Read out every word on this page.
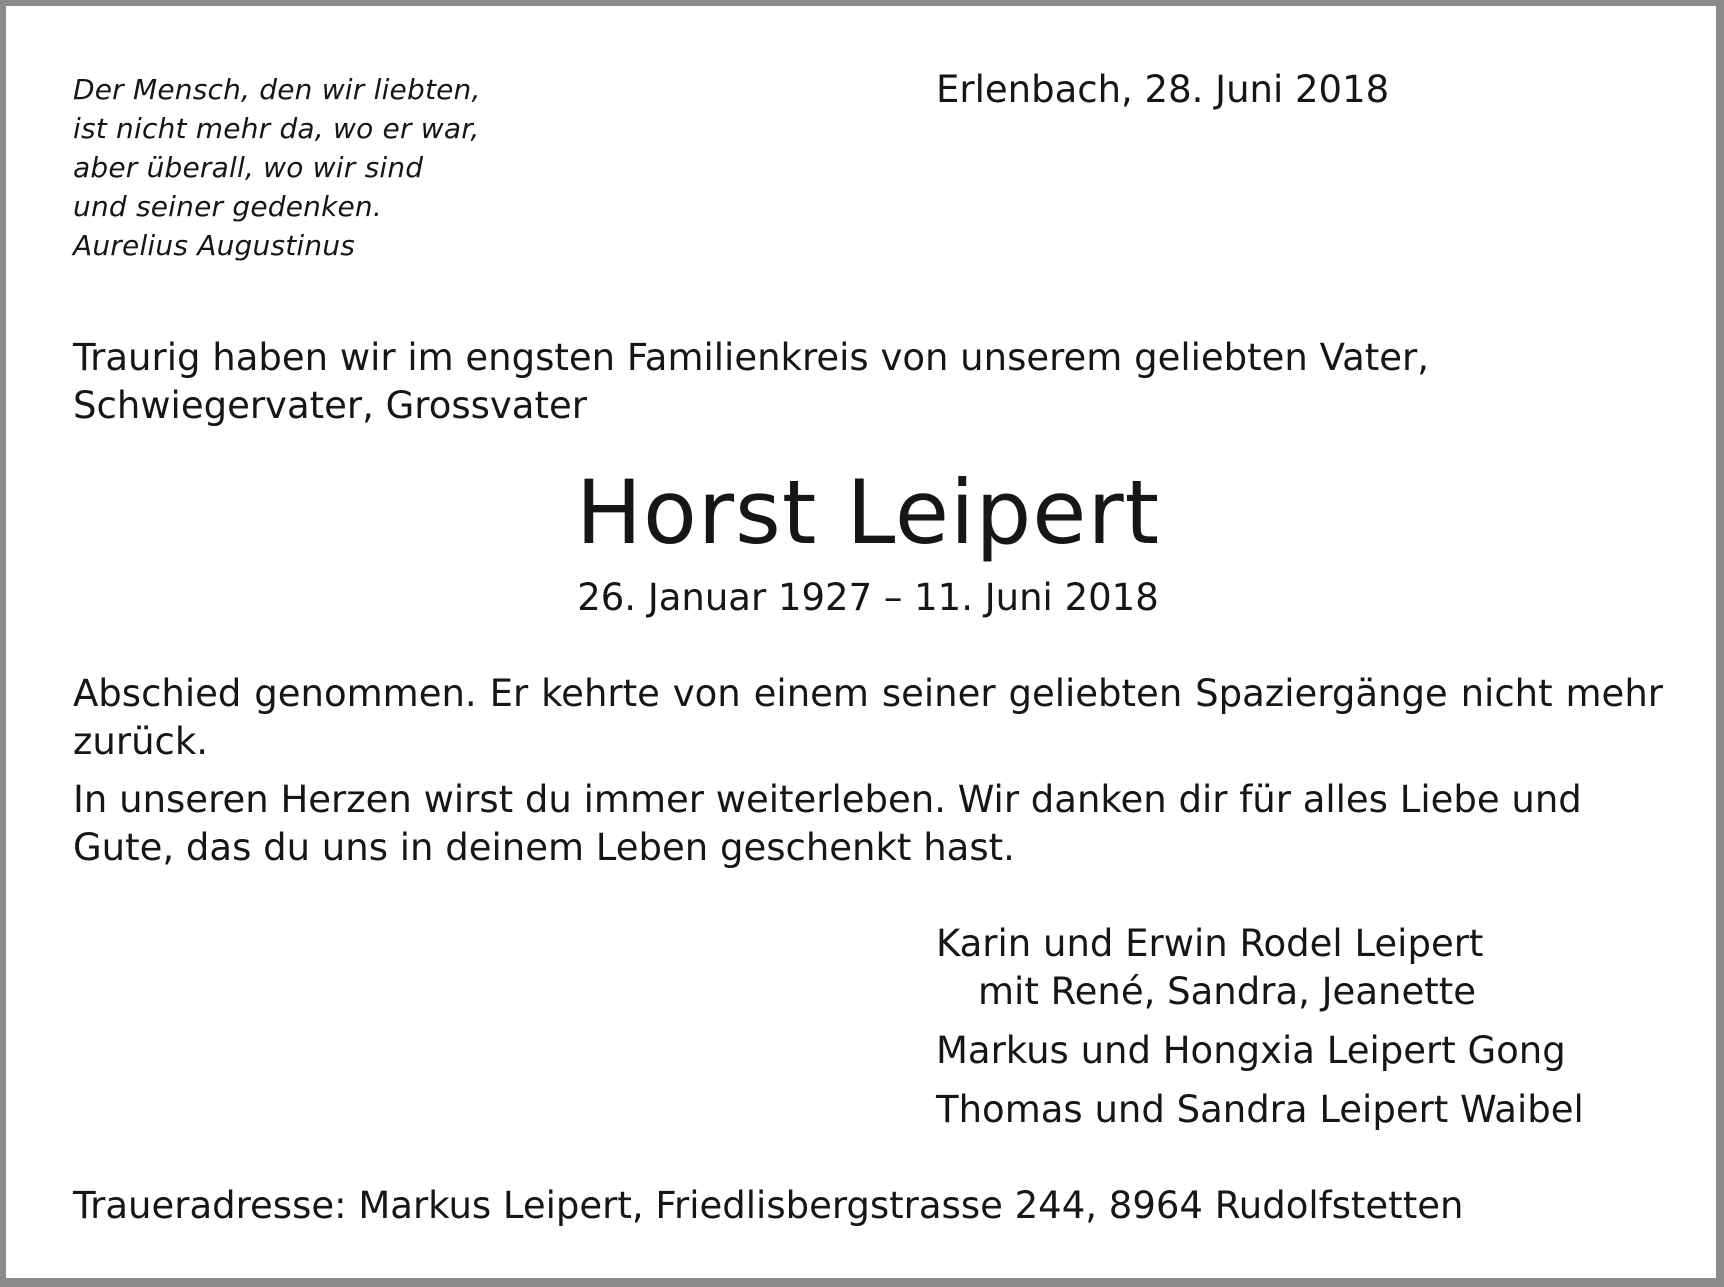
Der Mensch, den wir liebten,
ist nicht mehr da, wo er war,
aber überall, wo wir sind
und seiner gedenken.
Aurelius Augustinus
Erlenbach, 28. Juni 2018

Traurig haben wir im engsten Familienkreis von unserem geliebten Vater, Schwiegervater, Grossvater

Horst Leipert
26. Januar 1927 – 11. Juni 2018

Abschied genommen. Er kehrte von einem seiner geliebten Spaziergänge nicht mehr zurück.

In unseren Herzen wirst du immer weiterleben. Wir danken dir für alles Liebe und Gute, das du uns in deinem Leben geschenkt hast.

Karin und Erwin Rodel Leipert
mit René, Sandra, Jeanette
Markus und Hongxia Leipert Gong
Thomas und Sandra Leipert Waibel
Traueradresse: Markus Leipert, Friedlisbergstrasse 244, 8964 Rudolfstetten
